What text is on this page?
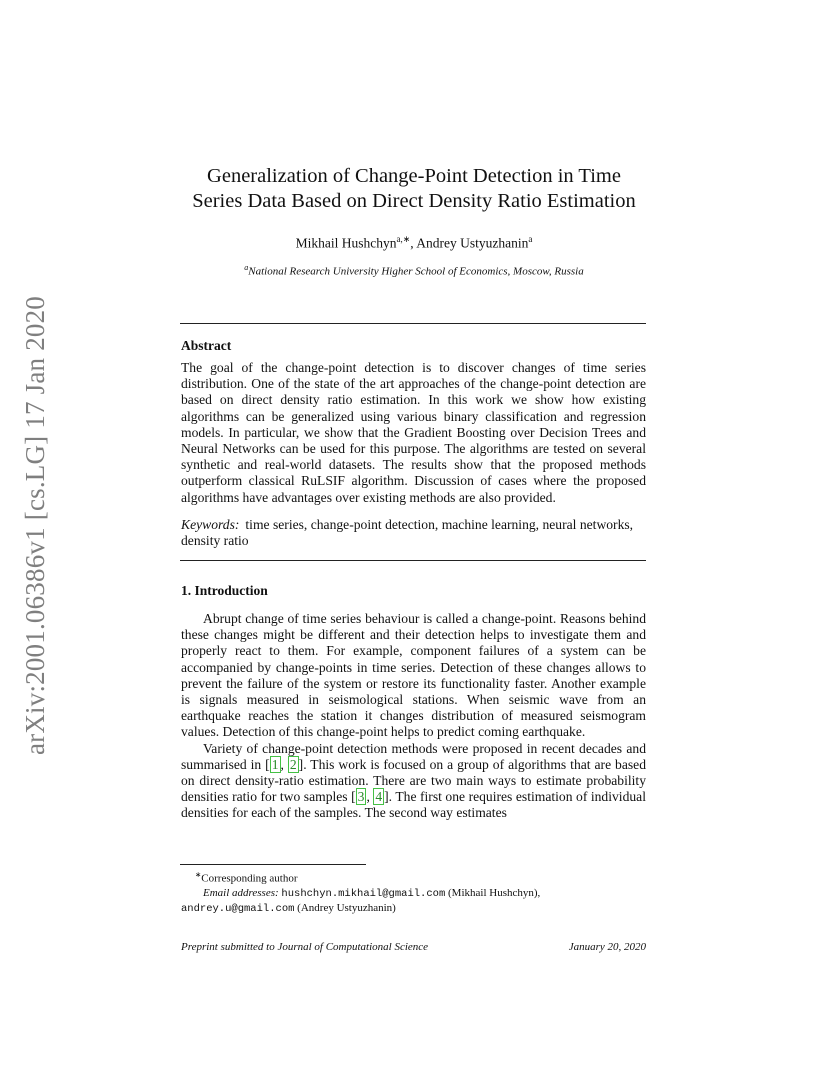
arXiv:2001.06386v1 [cs.LG] 17 Jan 2020
Generalization of Change-Point Detection in Time
Series Data Based on Direct Density Ratio Estimation
Mikhail Hushchyn$^{a,∗}$, Andrey Ustyuzhanin$^a$
$^a$National Research University Higher School of Economics, Moscow, Russia
Abstract
The goal of the change-point detection is to discover changes of time series distribution. One of the state of the art approaches of the change-point detection are based on direct density ratio estimation. In this work we show how existing algorithms can be generalized using various binary classification and regression models. In particular, we show that the Gradient Boosting over Decision Trees and Neural Networks can be used for this purpose. The algorithms are tested on several synthetic and real-world datasets. The results show that the proposed methods outperform classical RuLSIF algorithm. Discussion of cases where the proposed algorithms have advantages over existing methods are also provided.
Keywords: time series, change-point detection, machine learning, neural networks, density ratio
1. Introduction

Abrupt change of time series behaviour is called a change-point. Reasons behind these changes might be different and their detection helps to investigate them and properly react to them. For example, component failures of a system can be accompanied by change-points in time series. Detection of these changes allows to prevent the failure of the system or restore its functionality faster. Another example is signals measured in seismological stations. When seismic wave from an earthquake reaches the station it changes distribution of measured seismogram values. Detection of this change-point helps to predict coming earthquake.

Variety of change-point detection methods were proposed in recent decades and summarised in [ 1 , 2 ]. This work is focused on a group of algorithms that are based on direct density-ratio estimation. There are two main ways to estimate probability densities ratio for two samples [ 3 , 4 ]. The first one requires estimation of individual densities for each of the samples. The second way estimates

∗Corresponding author
Email addresses: hushchyn.mikhail@gmail.com (Mikhail Hushchyn),
andrey.u@gmail.com (Andrey Ustyuzhanin)
Preprint submitted to Journal of Computational Science	January 20, 2020
